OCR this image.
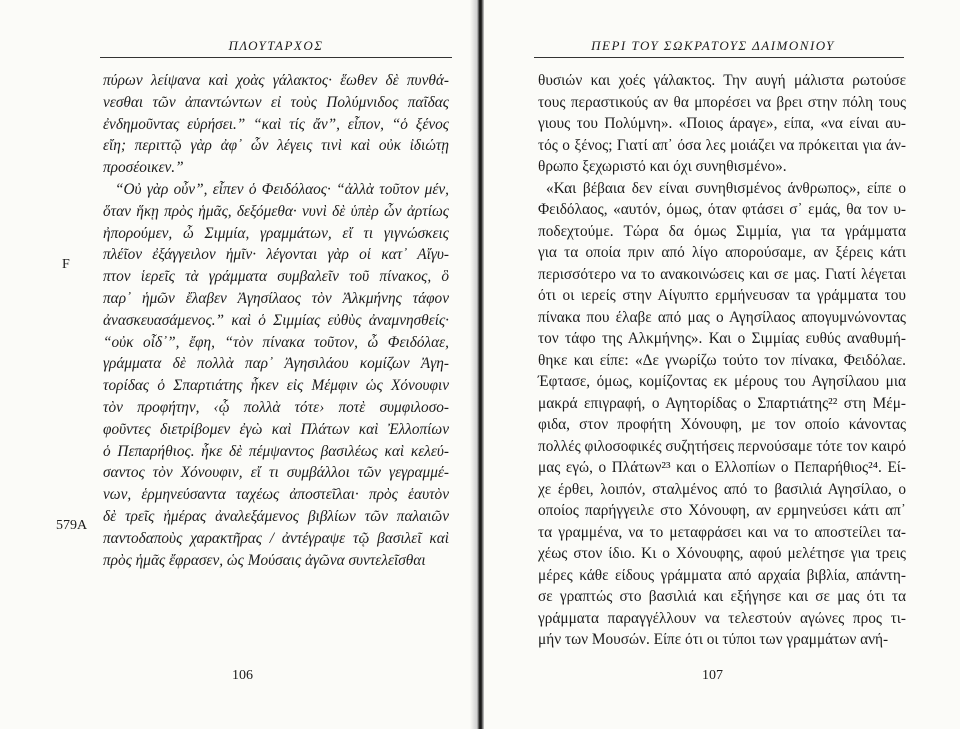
ΠΛΟΥΤΑΡΧΟΣ
πύρων λείψανα καὶ χοὰς γάλακτος· ἕωθεν δὲ πυνθά-
νεσθαι τῶν ἀπαντώντων εἰ τοὺς Πολύμνιδος παῖδας
ἐνδημοῦντας εὑρήσει.” “καὶ τίς ἄν”, εἶπον, “ὁ ξένος
εἴη; περιττῷ γὰρ ἀφ᾽ ὧν λέγεις τινὶ καὶ οὐκ ἰδιώτῃ
προσέοικεν.”
“Οὐ γὰρ οὖν”, εἶπεν ὁ Φειδόλαος· “ἀλλὰ τοῦτον μέν,
ὅταν ἥκῃ πρὸς ἡμᾶς, δεξόμεθα· νυνὶ δὲ ὑπὲρ ὧν ἀρτίως
ἠπορούμεν, ὦ Σιμμία, γραμμάτων, εἴ τι γιγνώσκεις
πλέῖον ἐξάγγειλον ἡμῖν· λέγονται γὰρ οἱ κατ᾽ Αἴγυ-
πτον ἱερεῖς τὰ γράμματα συμβαλεῖν τοῦ πίνακος, ὃ
παρ᾽ ἡμῶν ἔλαβεν Ἀγησίλαος τὸν Ἀλκμήνης τάφον
ἀνασκευασάμενος.” καὶ ὁ Σιμμίας εὐθὺς ἀναμνησθείς·
“οὐκ οἶδ᾽”, ἔφη, “τὸν πίνακα τοῦτον, ὦ Φειδόλαε,
γράμματα δὲ πολλὰ παρ᾽ Ἀγησιλάου κομίζων Ἀγη-
τορίδας ὁ Σπαρτιάτης ἧκεν εἰς Μέμφιν ὡς Χόνουφιν
τὸν προφήτην, ‹ᾧ πολλὰ τότε› ποτὲ συμφιλοσο-
φοῦντες διετρίβομεν ἐγὼ καὶ Πλάτων καὶ Ἐλλοπίων
ὁ Πεπαρήθιος. ἧκε δὲ πέμψαντος βασιλέως καὶ κελεύ-
σαντος τὸν Χόνουφιν, εἴ τι συμβάλλοι τῶν γεγραμμέ-
νων, ἑρμηνεύσαντα ταχέως ἀποστεῖλαι· πρὸς ἑαυτὸν
δὲ τρεῖς ἡμέρας ἀναλεξάμενος βιβλίων τῶν παλαιῶν
παντοδαποὺς χαρακτῆρας / ἀντέγραψε τῷ βασιλεῖ καὶ
πρὸς ἡμᾶς ἔφρασεν, ὡς Μούσαις ἀγῶνα συντελεῖσθαι
F
579A
106
ΠΕΡΙ ΤΟΥ ΣΩΚΡΑΤΟΥΣ ΔΑΙΜΟΝΙΟΥ
θυσιών και χοές γάλακτος. Την αυγή μάλιστα ρωτούσε
τους περαστικούς αν θα μπορέσει να βρει στην πόλη τους
γιους του Πολύμνη». «Ποιος άραγε», είπα, «να είναι αυ-
τός ο ξένος; Γιατί απ᾽ όσα λες μοιάζει να πρόκειται για άν-
θρωπο ξεχωριστό και όχι συνηθισμένο».
«Και βέβαια δεν είναι συνηθισμένος άνθρωπος», είπε ο
Φειδόλαος, «αυτόν, όμως, όταν φτάσει σ᾽ εμάς, θα τον υ-
ποδεχτούμε. Τώρα δα όμως Σιμμία, για τα γράμματα
για τα οποία πριν από λίγο απορούσαμε, αν ξέρεις κάτι
περισσότερο να το ανακοινώσεις και σε μας. Γιατί λέγεται
ότι οι ιερείς στην Αίγυπτο ερμήνευσαν τα γράμματα του
πίνακα που έλαβε από μας ο Αγησίλαος απογυμνώνοντας
τον τάφο της Αλκμήνης». Και ο Σιμμίας ευθύς αναθυμή-
θηκε και είπε: «Δε γνωρίζω τούτο τον πίνακα, Φειδόλαε.
Έφτασε, όμως, κομίζοντας εκ μέρους του Αγησίλαου μια
μακρά επιγραφή, ο Αγητορίδας ο Σπαρτιάτης²² στη Μέμ-
φιδα, στον προφήτη Χόνουφη, με τον οποίο κάνοντας
πολλές φιλοσοφικές συζητήσεις περνούσαμε τότε τον καιρό
μας εγώ, ο Πλάτων²³ και ο Ελλοπίων ο Πεπαρήθιος²⁴. Εί-
χε έρθει, λοιπόν, σταλμένος από το βασιλιά Αγησίλαο, ο
οποίος παρήγγειλε στο Χόνουφη, αν ερμηνεύσει κάτι απ᾽
τα γραμμένα, να το μεταφράσει και να το αποστείλει τα-
χέως στον ίδιο. Κι ο Χόνουφης, αφού μελέτησε για τρεις
μέρες κάθε είδους γράμματα από αρχαία βιβλία, απάντη-
σε γραπτώς στο βασιλιά και εξήγησε και σε μας ότι τα
γράμματα παραγγέλλουν να τελεστούν αγώνες προς τι-
μήν των Μουσών. Είπε ότι οι τύποι των γραμμάτων ανή-
107
